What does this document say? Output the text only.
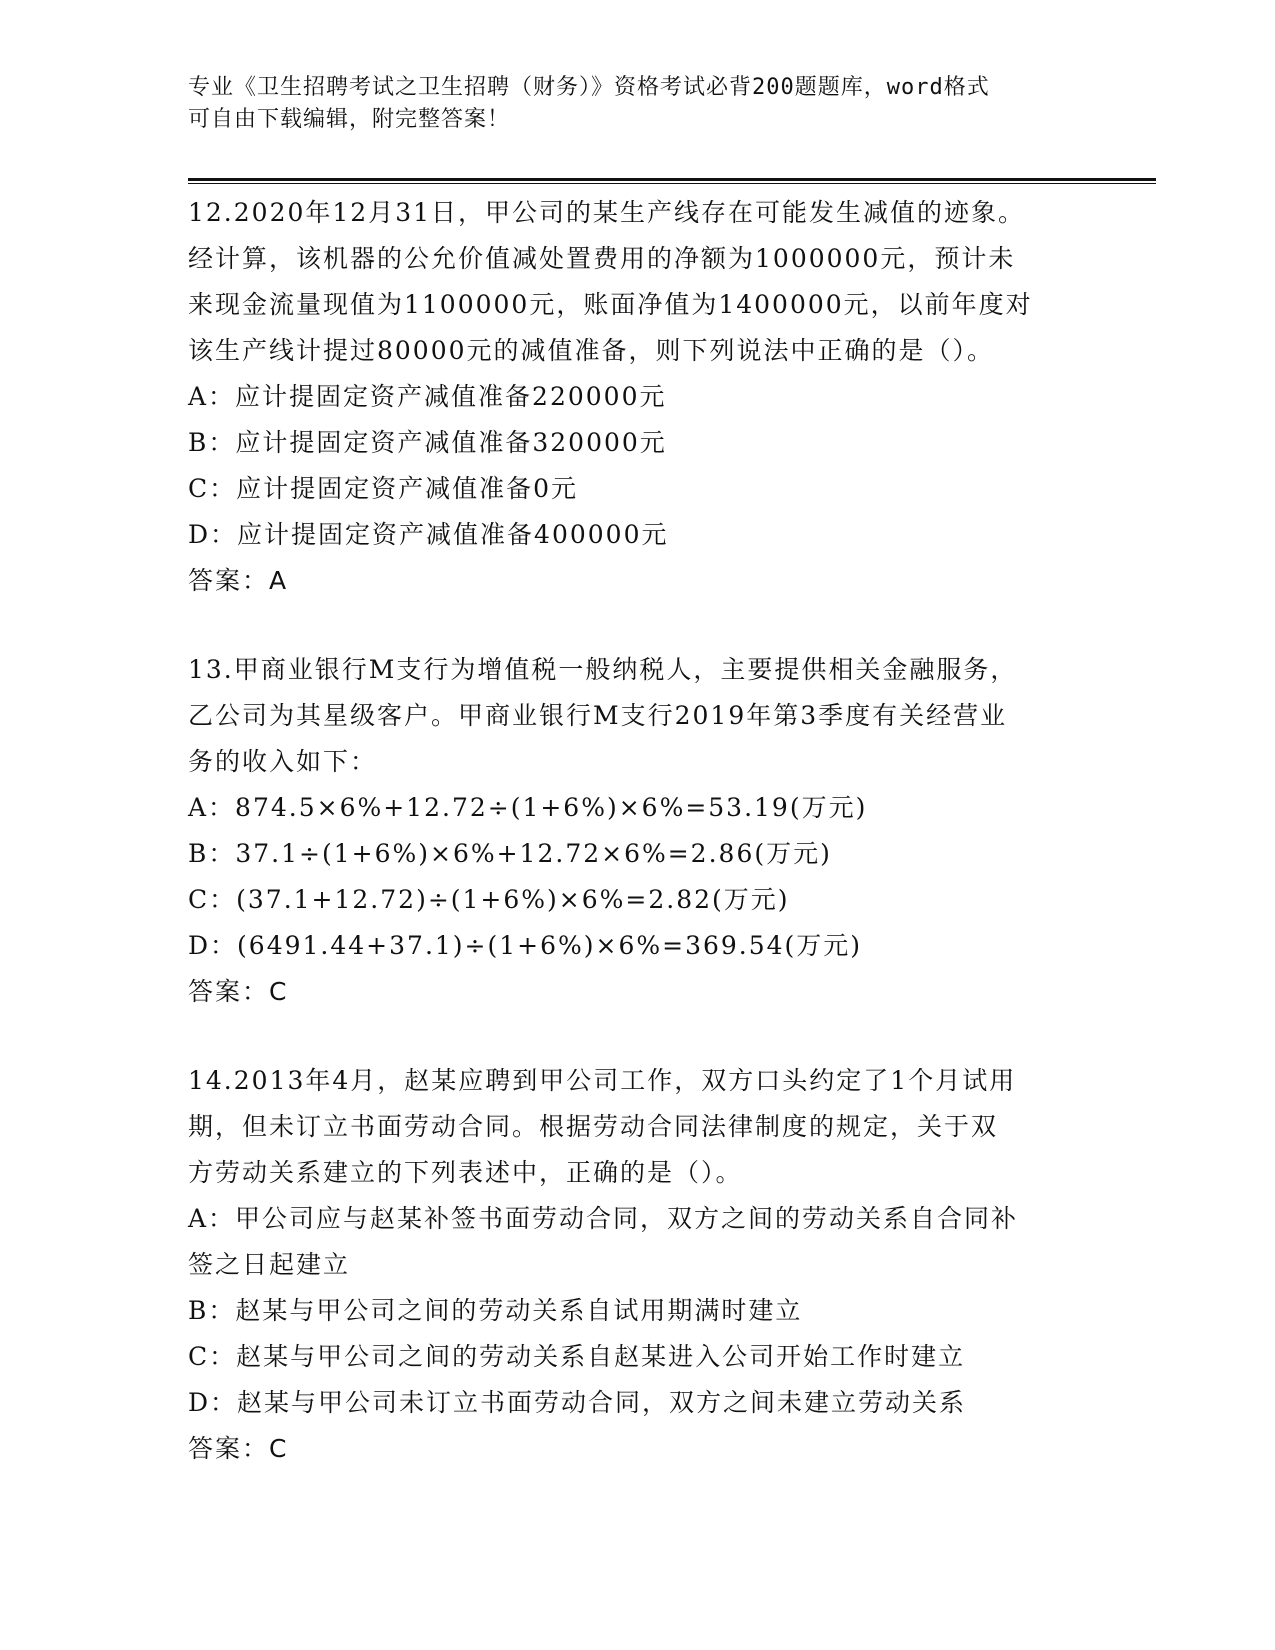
专业《卫生招聘考试之卫生招聘（财务）》资格考试必背200题题库，word格式
可自由下载编辑，附完整答案！
12.2020年12月31日，甲公司的某生产线存在可能发生减值的迹象。
经计算，该机器的公允价值减处置费用的净额为1000000元，预计未
来现金流量现值为1100000元，账面净值为1400000元，以前年度对
该生产线计提过80000元的减值准备，则下列说法中正确的是（）。
A：应计提固定资产减值准备220000元
B：应计提固定资产减值准备320000元
C：应计提固定资产减值准备0元
D：应计提固定资产减值准备400000元
答案：A
13.甲商业银行M支行为增值税一般纳税人，主要提供相关金融服务，
乙公司为其星级客户。甲商业银行M支行2019年第3季度有关经营业
务的收入如下：
A：874.5×6%+12.72÷(1+6%)×6%=53.19(万元)
B：37.1÷(1+6%)×6%+12.72×6%=2.86(万元)
C：(37.1+12.72)÷(1+6%)×6%=2.82(万元)
D：(6491.44+37.1)÷(1+6%)×6%=369.54(万元)
答案：C
14.2013年4月，赵某应聘到甲公司工作，双方口头约定了1个月试用
期，但未订立书面劳动合同。根据劳动合同法律制度的规定，关于双
方劳动关系建立的下列表述中，正确的是（）。
A：甲公司应与赵某补签书面劳动合同，双方之间的劳动关系自合同补
签之日起建立
B：赵某与甲公司之间的劳动关系自试用期满时建立
C：赵某与甲公司之间的劳动关系自赵某进入公司开始工作时建立
D：赵某与甲公司未订立书面劳动合同，双方之间未建立劳动关系
答案：C
